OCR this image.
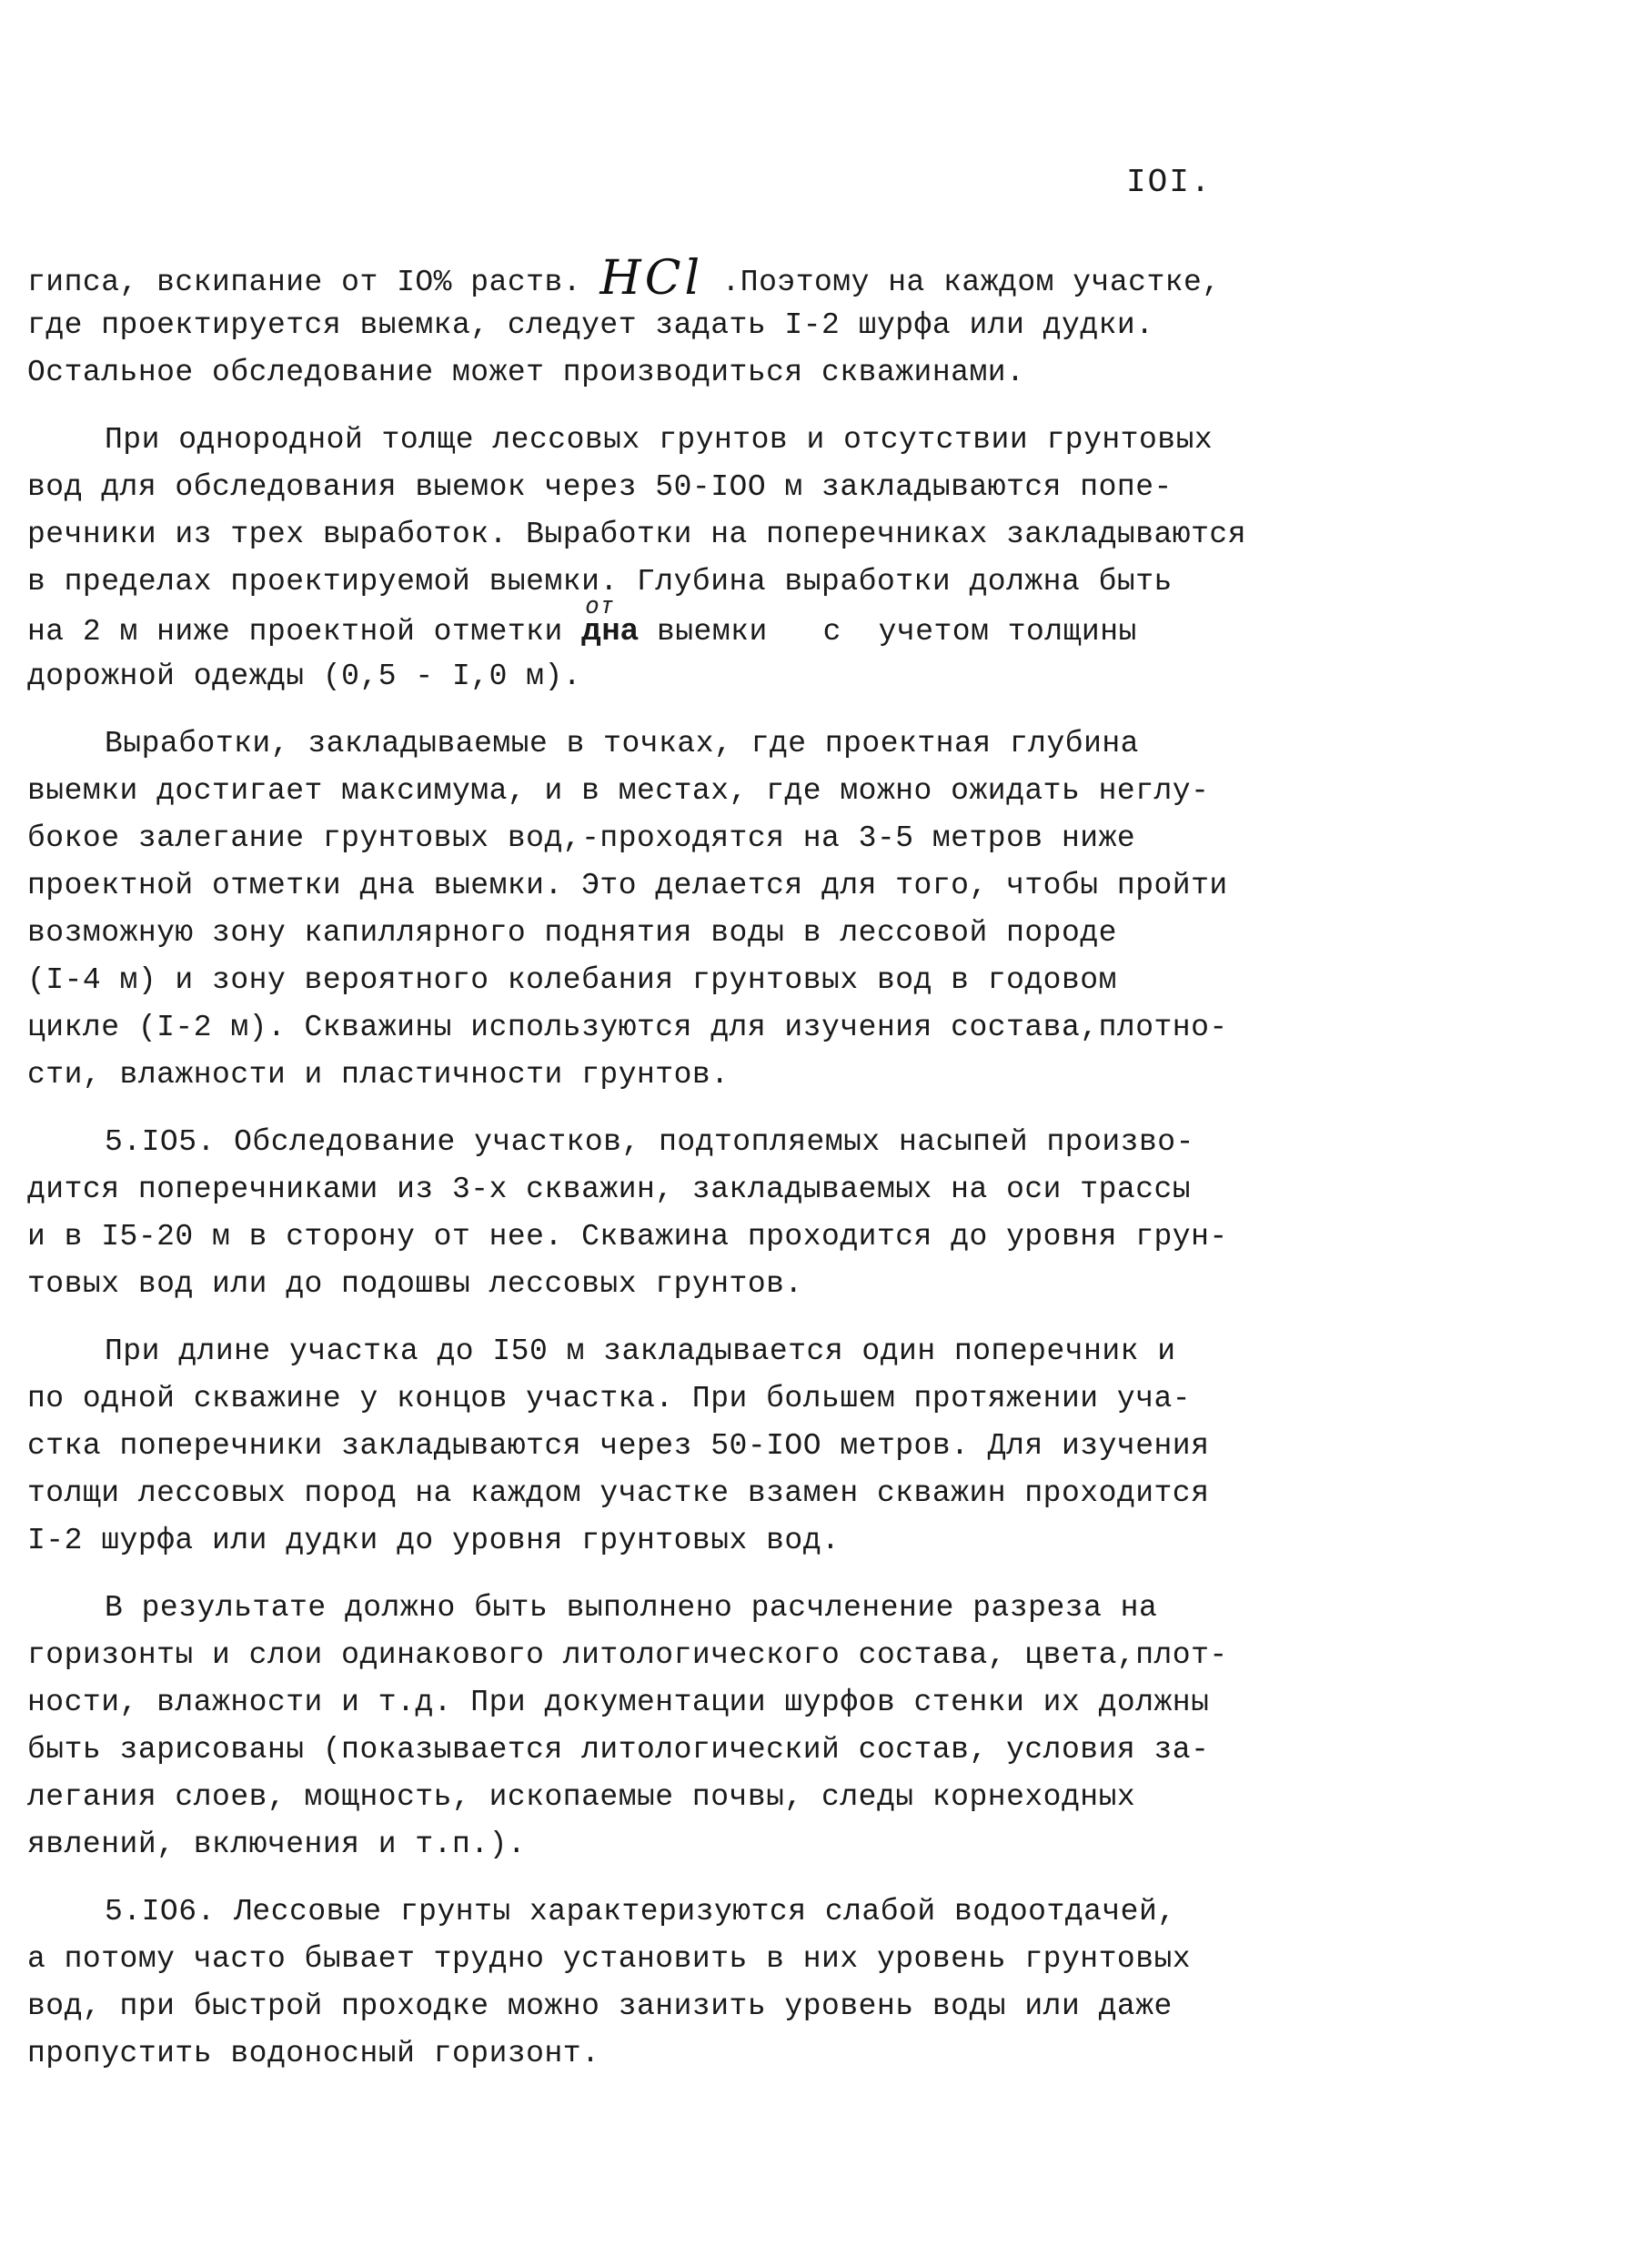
IOI.
гипса, вскипание от IO% раств. HCl .Поэтому на каждом участке,
где проектируется выемка, следует задать I-2 шурфа или дудки.
Остальное обследование может производиться скважинами.
При однородной толще лессовых грунтов и отсутствии грунтовых
вод для обследования выемок через 50-IOO м закладываются попе-
речники из трех выработок. Выработки на поперечниках закладываются
в пределах проектируемой выемки. Глубина выработки должна быть
на 2 м ниже проектной отметки
от
дна выемки   с  учетом толщины
дорожной одежды (0,5 - I,0 м).
Выработки, закладываемые в точках, где проектная глубина
выемки достигает максимума, и в местах, где можно ожидать неглу-
бокое залегание грунтовых вод,-проходятся на 3-5 метров ниже
проектной отметки дна выемки. Это делается для того, чтобы пройти
возможную зону капиллярного поднятия воды в лессовой породе
(I-4 м) и зону вероятного колебания грунтовых вод в годовом
цикле (I-2 м). Скважины используются для изучения состава,плотно-
сти, влажности и пластичности грунтов.
5.IO5. Обследование участков, подтопляемых насыпей произво-
дится поперечниками из 3-х скважин, закладываемых на оси трассы
и в I5-20 м в сторону от нее. Скважина проходится до уровня грун-
товых вод или до подошвы лессовых грунтов.
При длине участка до I50 м закладывается один поперечник и
по одной скважине у концов участка. При большем протяжении уча-
стка поперечники закладываются через 50-IOO метров. Для изучения
толщи лессовых пород на каждом участке взамен скважин проходится
I-2 шурфа или дудки до уровня грунтовых вод.
В результате должно быть выполнено расчленение разреза на
горизонты и слои одинакового литологического состава, цвета,плот-
ности, влажности и т.д. При документации шурфов стенки их должны
быть зарисованы (показывается литологический состав, условия за-
легания слоев, мощность, ископаемые почвы, следы корнеходных
явлений, включения и т.п.).
5.IO6. Лессовые грунты характеризуются слабой водоотдачей,
а потому часто бывает трудно установить в них уровень грунтовых
вод, при быстрой проходке можно занизить уровень воды или даже
пропустить водоносный горизонт.
